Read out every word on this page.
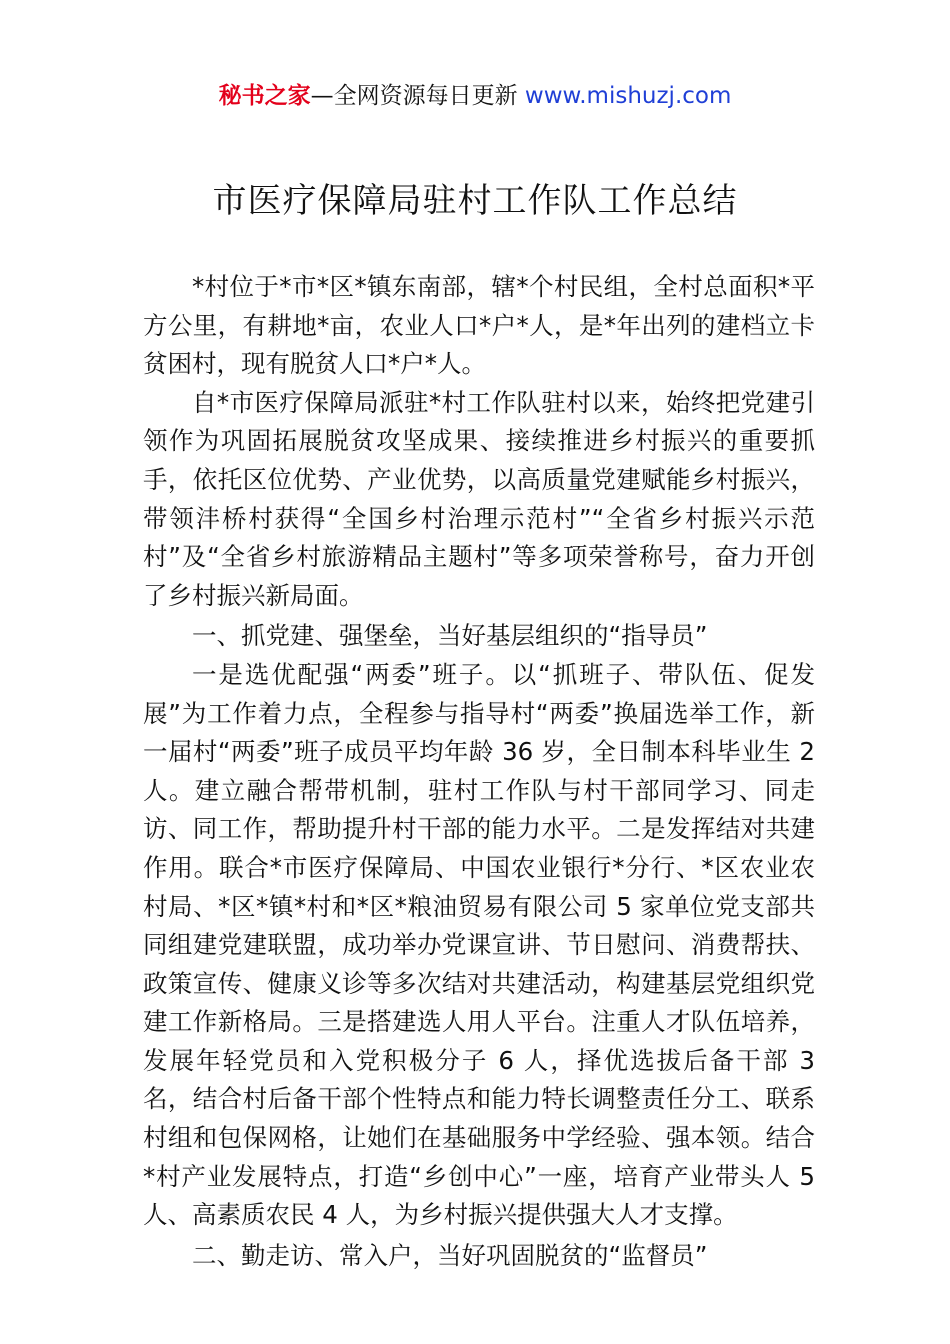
秘书之家—全网资源每日更新 www.mishuzj.com
市医疗保障局驻村工作队工作总结

*村位于*市*区*镇东南部，辖*个村民组，全村总面积*平方公里，有耕地*亩，农业人口*户*人，是*年出列的建档立卡贫困村，现有脱贫人口*户*人。

自*市医疗保障局派驻*村工作队驻村以来，始终把党建引领作为巩固拓展脱贫攻坚成果、接续推进乡村振兴的重要抓手，依托区位优势、产业优势，以高质量党建赋能乡村振兴，带领沣桥村获得“全国乡村治理示范村”“全省乡村振兴示范村”及“全省乡村旅游精品主题村”等多项荣誉称号，奋力开创了乡村振兴新局面。

一、抓党建、强堡垒，当好基层组织的“指导员”

一是选优配强“两委”班子。以“抓班子、带队伍、促发展”为工作着力点，全程参与指导村“两委”换届选举工作，新一届村“两委”班子成员平均年龄 36 岁，全日制本科毕业生 2 人。建立融合帮带机制，驻村工作队与村干部同学习、同走访、同工作，帮助提升村干部的能力水平。二是发挥结对共建作用。联合*市医疗保障局、中国农业银行*分行、*区农业农村局、*区*镇*村和*区*粮油贸易有限公司 5 家单位党支部共同组建党建联盟，成功举办党课宣讲、节日慰问、消费帮扶、政策宣传、健康义诊等多次结对共建活动，构建基层党组织党建工作新格局。三是搭建选人用人平台。注重人才队伍培养，发展年轻党员和入党积极分子 6 人，择优选拔后备干部 3 名，结合村后备干部个性特点和能力特长调整责任分工、联系村组和包保网格，让她们在基础服务中学经验、强本领。结合*村产业发展特点，打造“乡创中心”一座，培育产业带头人 5 人、高素质农民 4 人，为乡村振兴提供强大人才支撑。

二、勤走访、常入户，当好巩固脱贫的“监督员”
